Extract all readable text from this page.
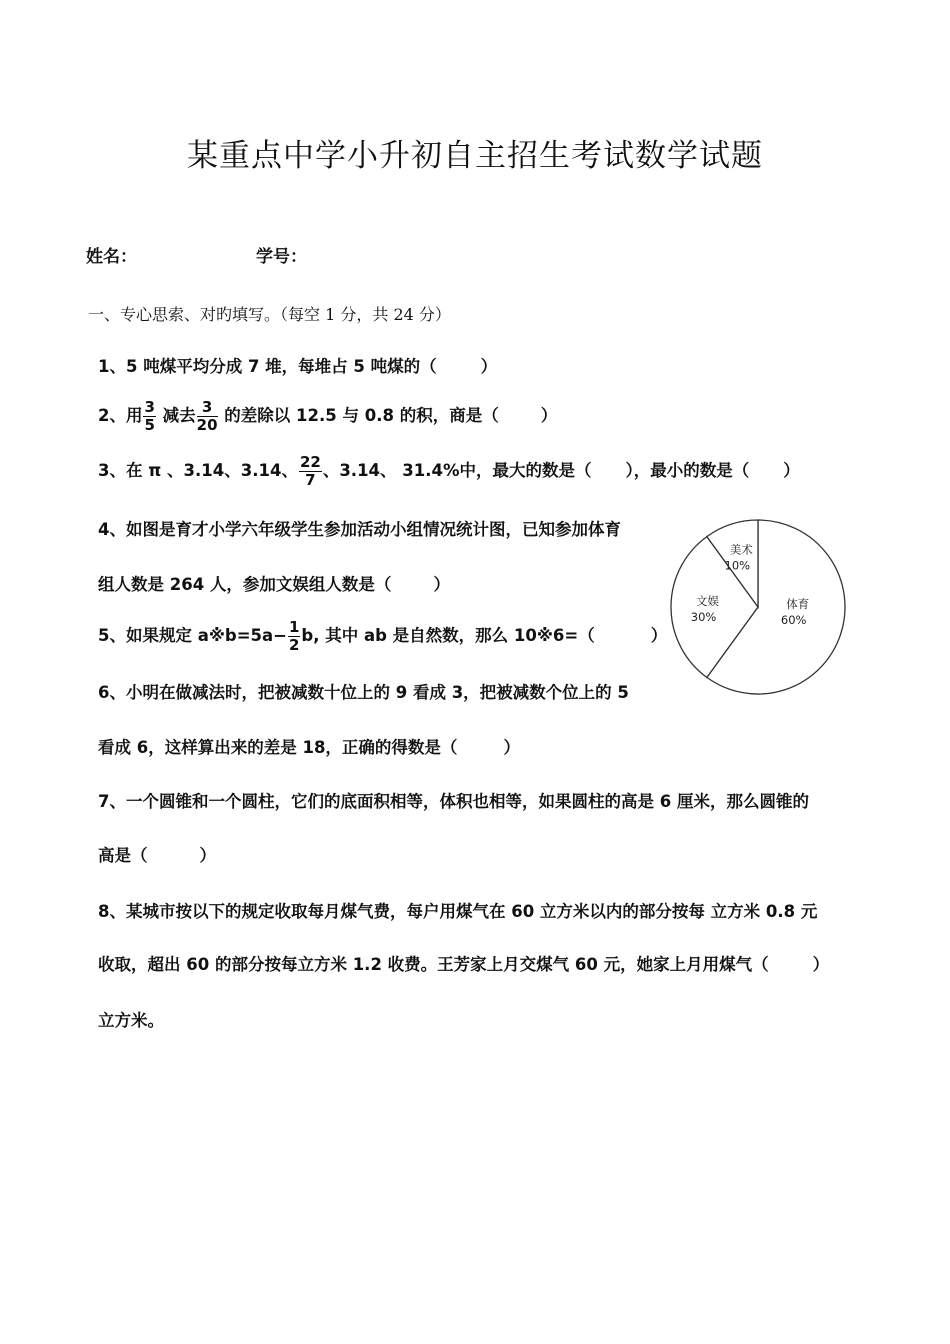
某重点中学小升初自主招生考试数学试题
姓名：	学号：
一、专心思索、对旳填写。（每空 1 分，共 24 分）
1、5 吨煤平均分成 7 堆，每堆占 5 吨煤的（	）
2、用 $\frac{3}{5}$ 减去 $\frac{3}{20}$ 的差除以 12.5 与 0.8 的积，商是（	）
3、在 π 、3.14̇、3.14、 $\frac{22}{7}$ 、3.14̇、 31.4%中，最大的数是（ ），最小的数是（ ）
4、如图是育才小学六年级学生参加活动小组情况统计图，已知参加体育
组人数是 264 人，参加文娱组人数是（	）
5、如果规定 a※b=5a− $\frac{1}{2} b$, 其中 ab 是自然数，那么 10※6=（	）
6、小明在做减法时，把被减数十位上的 9 看成 3，把被减数个位上的 5
看成 6，这样算出来的差是 18，正确的得数是（	）
7、一个圆锥和一个圆柱，它们的底面积相等，体积也相等，如果圆柱的高是 6 厘米，那么圆锥的
高是（	）
8、某城市按以下的规定收取每月煤气费，每户用煤气在 60 立方米以内的部分按每 立方米 0.8 元
收取，超出 60 的部分按每立方米 1.2 收费。王芳家上月交煤气 60 元，她家上月用煤气（	）
立方米。
体育
60%
文娱
30%
美术
10%
